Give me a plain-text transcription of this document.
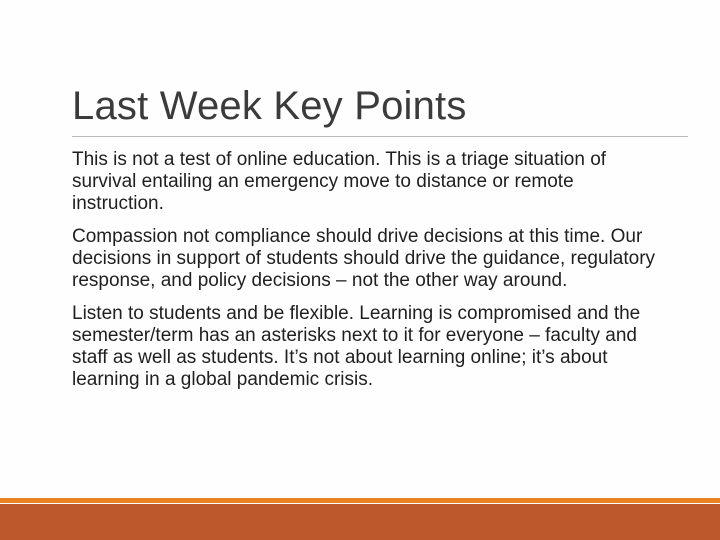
Last Week Key Points

This is not a test of online education. This is a triage situation of survival entailing an emergency move to distance or remote instruction.

Compassion not compliance should drive decisions at this time. Our decisions in support of students should drive the guidance, regulatory response, and policy decisions – not the other way around.

Listen to students and be flexible. Learning is compromised and the semester/term has an asterisks next to it for everyone – faculty and staff as well as students. It’s not about learning online; it’s about learning in a global pandemic crisis.
